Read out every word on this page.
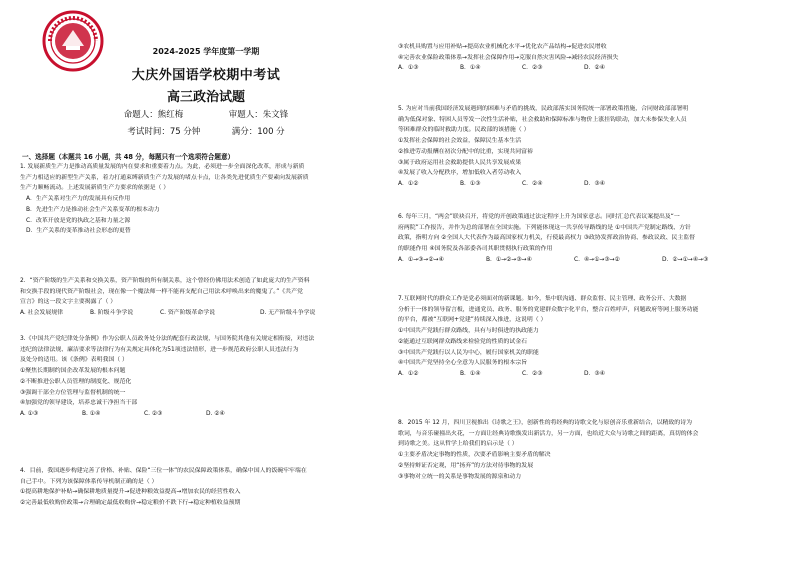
2024-2025 学年度第一学期
大庆外国语学校期中考试
高三政治试题
命题人：熊红梅	审题人：朱文锋
考试时间：75 分钟	满分：100 分
一、选择题（本题共 16 小题，共 48 分，每题只有一个选项符合题意）
1. 发展新质生产力是推动高质量发展的内在要求和重要着力点。为此，必须进一步全面深化改革，形成与新质
生产力相适应的新型生产关系，着力打通束缚新质生产力发展的堵点卡点，让各类先进优质生产要素向发展新质
生产力顺畅流动。上述发展新质生产力要求的依据是（ ）
A．生产关系对生产力的发展具有反作用
B．先进生产力是推动社会生产关系变革的根本动力
C．改革开放是党的执政之基和力量之源
D．生产关系的变革推动社会形态的更替
2．“资产阶级的生产关系和交换关系，资产阶级的所有制关系，这个曾经仿佛用法术创造了如此庞大的生产资料
和交换手段的现代资产阶级社会，现在像一个魔法师一样不能再支配自己用法术呼唤出来的魔鬼了。”《共产党
宣言》的这一段文字主要揭露了（ ）
A. 社会发展规律	B. 阶级斗争学说	C. 资产阶级革命学说	D. 无产阶级斗争学说
3.《中国共产党纪律处分条例》作为公职人员政务处分法的配套行政法规，与国务院其他有关规定相衔接，对违法
违纪的法律法规、廉洁要求等法律行为有关规定具体化为51项违法情形，进一步规范政府公职人员违法行为
及处分的适用。该《条例》表明我国（ ）
①聚焦长期制约国企改革发展的根本问题
②不断推进公职人员管理的制度化、规范化
③强调干部全方位管理与监督机制的统一
④加强党的领导建设，培养忠诚干净担当干部
A. ①③	B. ①④	C. ②③	D. ②④
4．目前，我国逐步构建完善了价格、补贴、保险“三位一体”的农民保障政策体系，确保中国人的饭碗牢牢端在
自己手中。下列为该保障体系传导机制正确的是（ ）
①提高耕地保护补贴→确保耕地质量提升→促进种粮效益提高→增加农民的经营性收入
②完善最低收购价政策→合理确定最低收购价→稳定粮价不跌下行→稳定种植收益预期
③农机具购置与应用补贴→提高农业机械化水平→优化农产品结构→促进农民增收
④完善农业保险政策体系→发挥社会保障作用→克服自然灾害风险→减轻农民经济损失
A．①③	B．①④	C．②③	D．②④
5. 为应对当前我国经济发展遇到的困难与矛盾的挑战，民政部落实国务院统一部署政策措施，合同财政部部署明
确为低保对象、特困人员等发一次性生活补贴，社会救助和保障标准与物价上涨挂钩联动，加大未参保失业人员
等困难群众的临时救助力度。民政部的该措施（ ）
①发挥社会保障的社会效益，保障民生基本生活
②推进劳动报酬在初次分配中的比重，实现共同富裕
③属于政府运用社会救助提供人民共享发展成果
④发展了收入分配秩序，增加低收入者劳动收入
A．①②	B．①③	C．②④	D．③④
6. 每年三月，“两会”联袂召开，将党的开创政策通过法定程序上升为国家意志。同时汇总代表议案提出及“一
府两院”工作报告，并作为总的部署在全国实施。下列能体现这一共享传导路线的是 ①中国共产党制定路线、方针
政策，指明方向 ②全国人大代表作为最高国家权力机关，行使最高权力 ③政协发挥政治协商、参政议政、民主监督
的职能作用 ④国务院及各部委各司其职贯彻执行政策的作用
A．①→③→②→④	B．①→②→③→④	C．④→①→③→②	D．②→①→④→③
7.互联网时代的群众工作是党必须面对的新课题。如今，集中联沟通、群众监督、民主管理、政务公开、大数据
分析于一体的领导留言板，进通党员、政务、服务的党建群众数字化平台，整合百姓呼声，问题政府等网上服务功能
的平台，都被“互联网+党建”持续深入推进，这说明（ ）
①中国共产党践行群众路线，具有与时俱进的执政能力
②能通过互联网群众路线来检验党的性质的试金石
③中国共产党践行以人民为中心，履行国家机关的职能
④中国共产党坚持全心全意为人民服务的根本宗旨
A．①②	B．①④	C．②③	D．③④
8．2015 年 12 月，四川卫视推出《诗歌之王》，创新性的将经典的诗歌文化与原创音乐重新结合，以精致的诗为
歌词，与音乐碰撞出火花，一方面让经典诗歌焕发出新活力，另一方面，也给近大众与诗歌之间的距离，真切的体会
到诗歌之美。这从哲学上给我们的启示是（ ）
①主要矛盾决定事物的性质，次要矛盾影响主要矛盾的解决
②坚持辩证否定观，用“扬弃”的方法对待事物的发展
③事物对立统一的关系是事物发展的源泉和动力
